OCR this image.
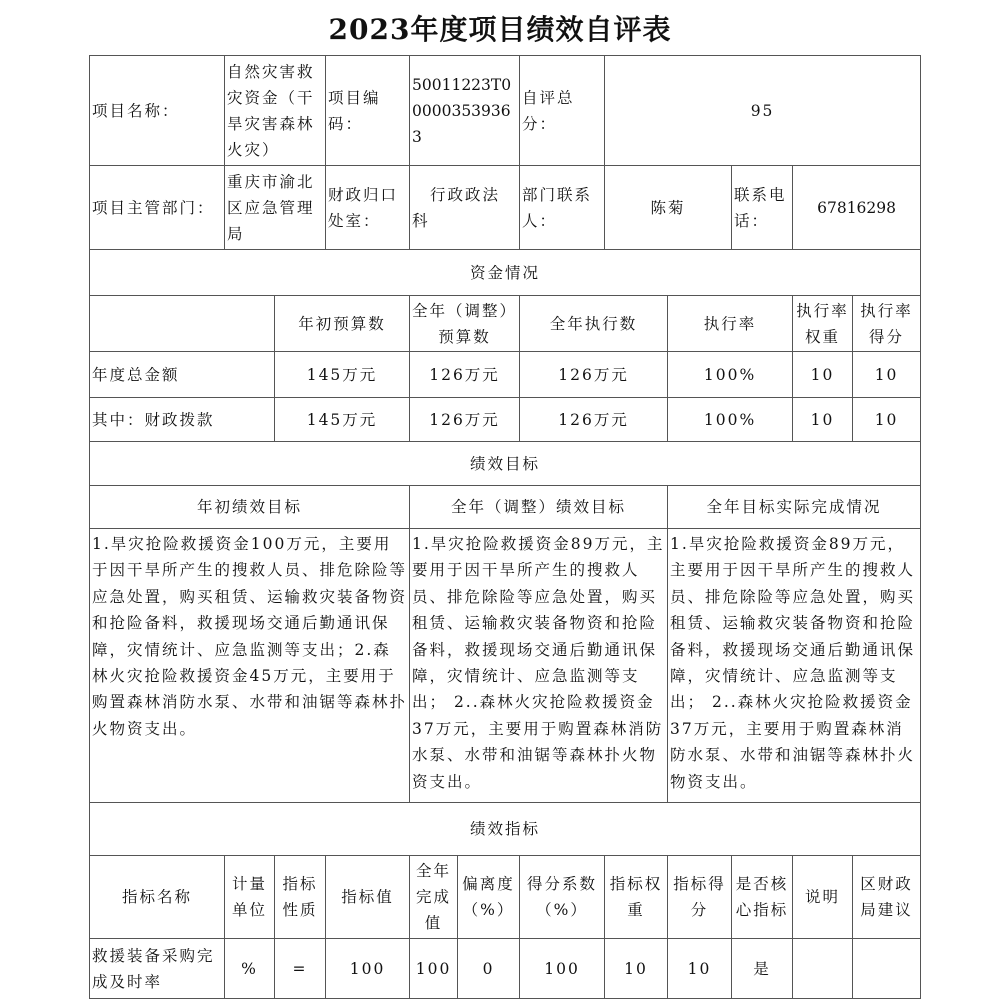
2023年度项目绩效自评表
项目名称：	自然灾害救灾资金（干旱灾害森林火灾）		项目编码：	50011223T000003539363		自评总分：	95				
项目主管部门：	重庆市渝北区应急管理局		财政归口处室：	行政政法科		部门联系人：	陈菊		联系电话：	67816298	
资金情况											
		年初预算数		全年（调整）预算数		全年执行数		执行率		执行率权重	执行率得分
年度总金额		145万元		126万元		126万元		100%		10	10
其中：财政拨款		145万元		126万元		126万元		100%		10	10
绩效目标											
年初绩效目标				全年（调整）绩效目标				全年目标实际完成情况			
1.旱灾抢险救援资金100万元，主要用于因干旱所产生的搜救人员、排危除险等应急处置，购买租赁、运输救灾装备物资和抢险备料，救援现场交通后勤通讯保障，灾情统计、应急监测等支出；2.森林火灾抢险救援资金45万元，主要用于购置森林消防水泵、水带和油锯等森林扑火物资支出。				1.旱灾抢险救援资金89万元，主要用于因干旱所产生的搜救人员、排危除险等应急处置，购买租赁、运输救灾装备物资和抢险备料，救援现场交通后勤通讯保障，灾情统计、应急监测等支出； 2..森林火灾抢险救援资金37万元，主要用于购置森林消防水泵、水带和油锯等森林扑火物资支出。				1.旱灾抢险救援资金89万元，主要用于因干旱所产生的搜救人员、排危除险等应急处置，购买租赁、运输救灾装备物资和抢险备料，救援现场交通后勤通讯保障，灾情统计、应急监测等支出； 2..森林火灾抢险救援资金37万元，主要用于购置森林消防水泵、水带和油锯等森林扑火物资支出。			
绩效指标											
指标名称	计量单位	指标性质	指标值	全年完成值	偏离度（%）	得分系数（%）	指标权重	指标得分	是否核心指标	说明	区财政局建议
救援装备采购完成及时率	%	=	100	100	0	100	10	10	是		
